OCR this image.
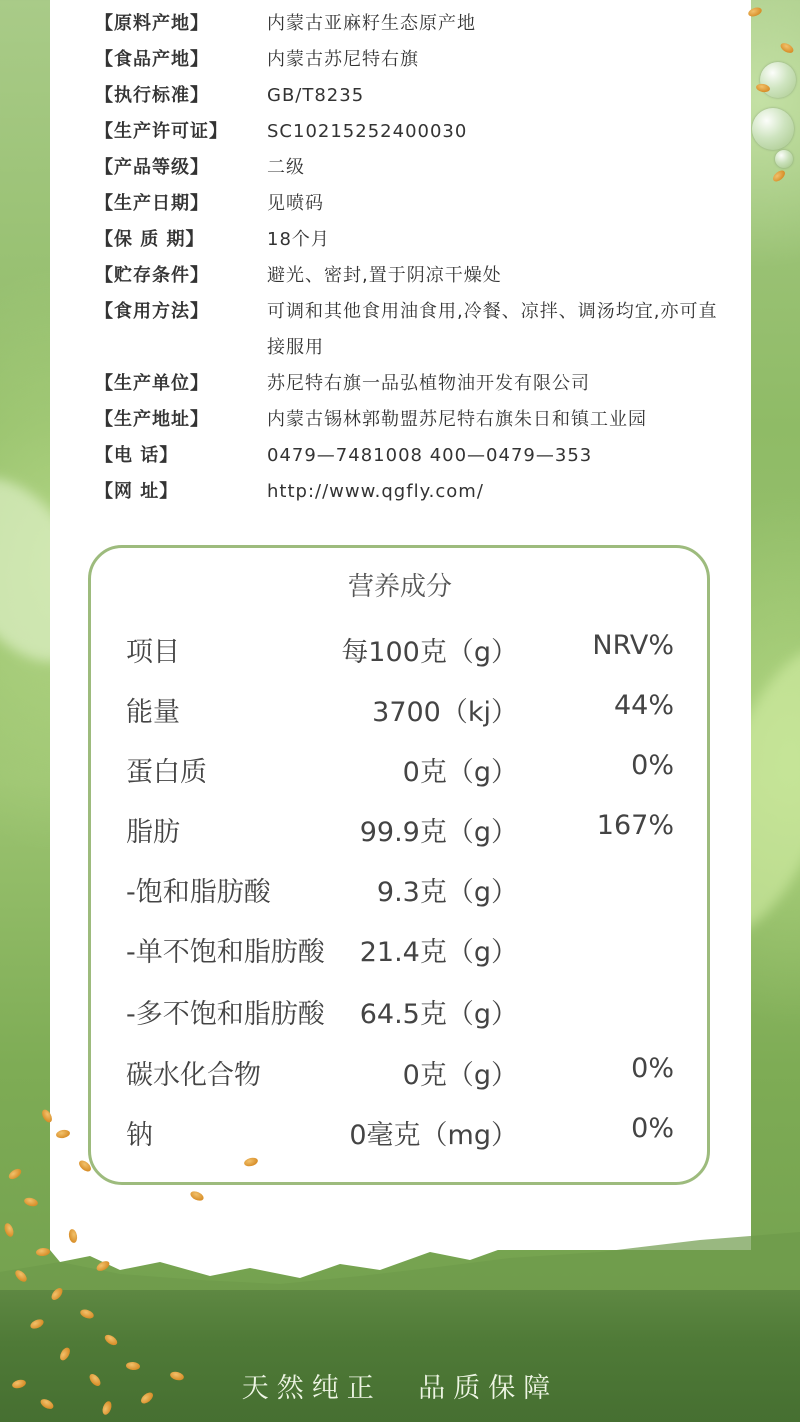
【原料产地】	内蒙古亚麻籽生态原产地
【食品产地】	内蒙古苏尼特右旗
【执行标准】	GB/T8235
【生产许可证】	SC10215252400030
【产品等级】	二级
【生产日期】	见喷码
【保 质 期】	18个月
【贮存条件】	避光、密封,置于阴凉干燥处
【食用方法】	可调和其他食用油食用,冷餐、凉拌、调汤均宜,亦可直接服用
【生产单位】	苏尼特右旗一品弘植物油开发有限公司
【生产地址】	内蒙古锡林郭勒盟苏尼特右旗朱日和镇工业园
【电 话】	0479—7481008 400—0479—353
【网 址】	http://www.qgfly.com/
营养成分
项目	每100克（g）	NRV%
能量	3700（kj）	44%
蛋白质	0克（g）	0%
脂肪	99.9克（g）	167%
-饱和脂肪酸	9.3克（g）
-单不饱和脂肪酸 21.4克（g）
-多不饱和脂肪酸 64.5克（g）
碳水化合物	0克（g）	0%
钠	0毫克（mg）	0%
天然纯正 品质保障
